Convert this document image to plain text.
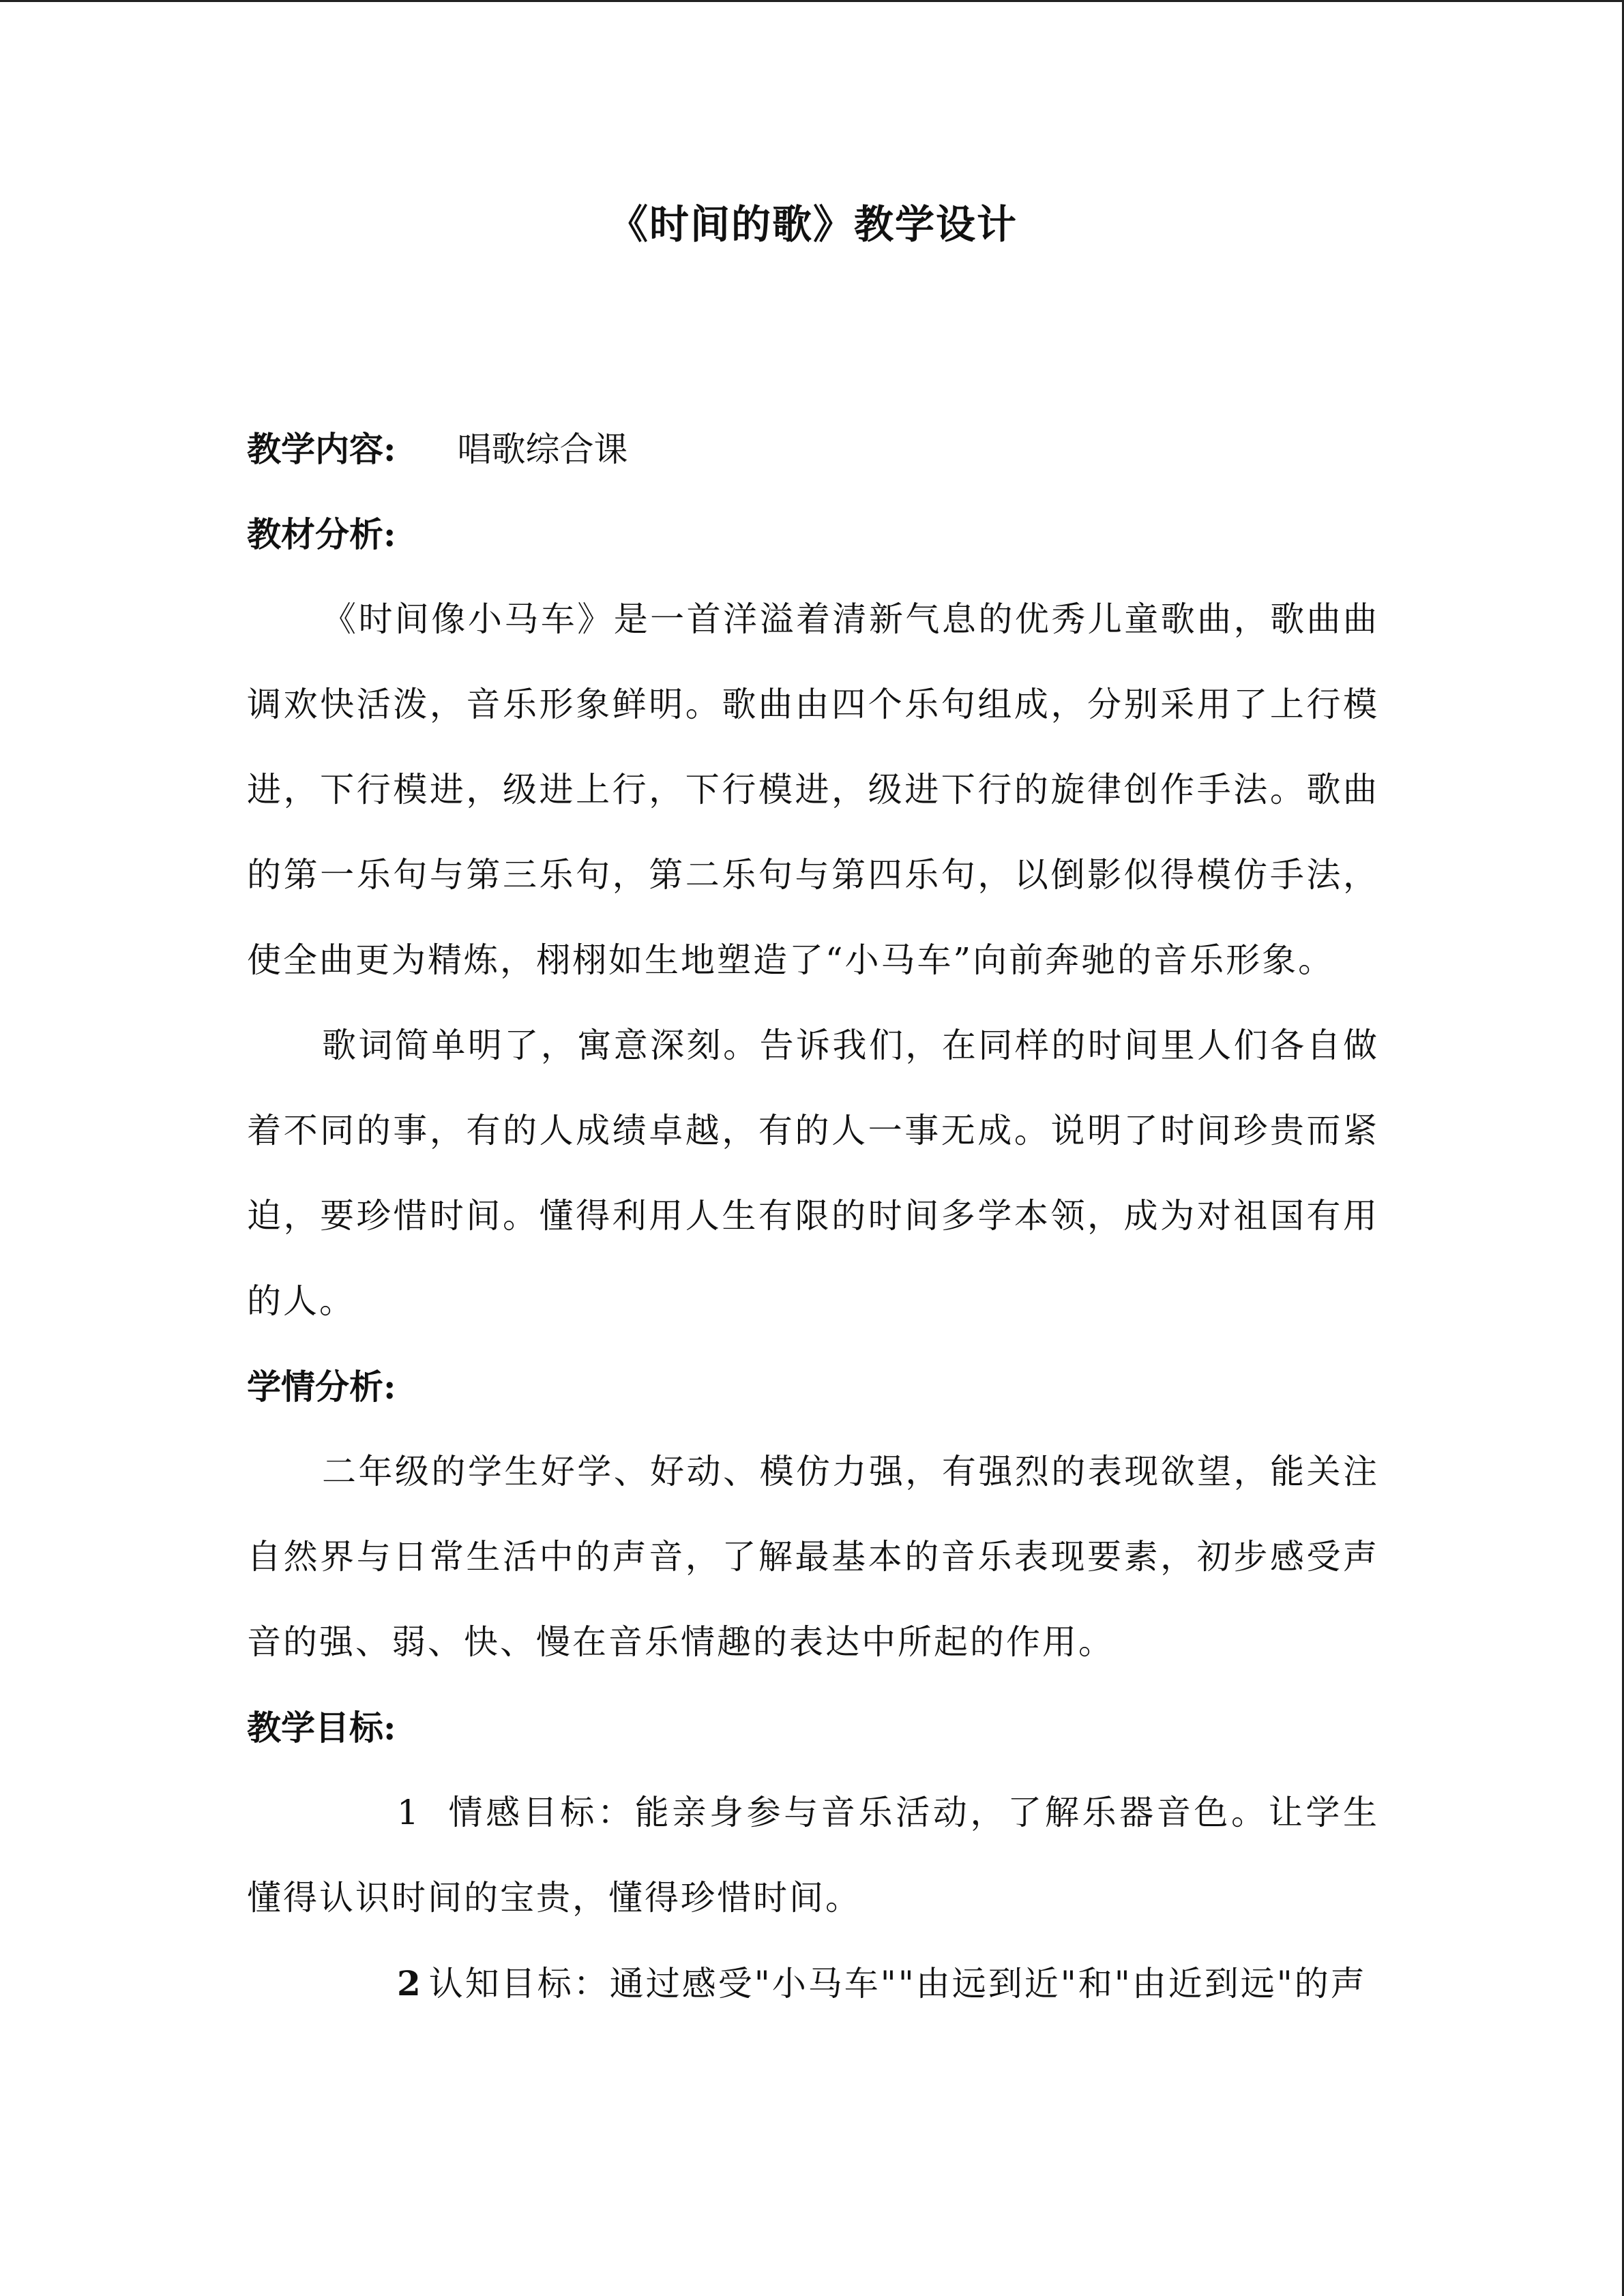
《时间的歌》教学设计
教学内容: 唱歌综合课
教材分析:

《时间像小马车》是一首洋溢着清新气息的优秀儿童歌曲，歌曲曲调欢快活泼，音乐形象鲜明。歌曲由四个乐句组成，分别采用了上行模进，下行模进，级进上行，下行模进，级进下行的旋律创作手法。歌曲的第一乐句与第三乐句，第二乐句与第四乐句，以倒影似得模仿手法，使全曲更为精炼，栩栩如生地塑造了“小马车”向前奔驰的音乐形象。

歌词简单明了，寓意深刻。告诉我们，在同样的时间里人们各自做着不同的事，有的人成绩卓越，有的人一事无成。说明了时间珍贵而紧迫，要珍惜时间。懂得利用人生有限的时间多学本领，成为对祖国有用的人。

学情分析:

二年级的学生好学、好动、模仿力强，有强烈的表现欲望，能关注自然界与日常生活中的声音，了解最基本的音乐表现要素，初步感受声音的强、弱、快、慢在音乐情趣的表达中所起的作用。

教学目标:

1 情感目标：能亲身参与音乐活动，了解乐器音色。让学生懂得认识时间的宝贵，懂得珍惜时间。

2 认知目标：通过感受"小马车""由远到近"和"由近到远"的声
